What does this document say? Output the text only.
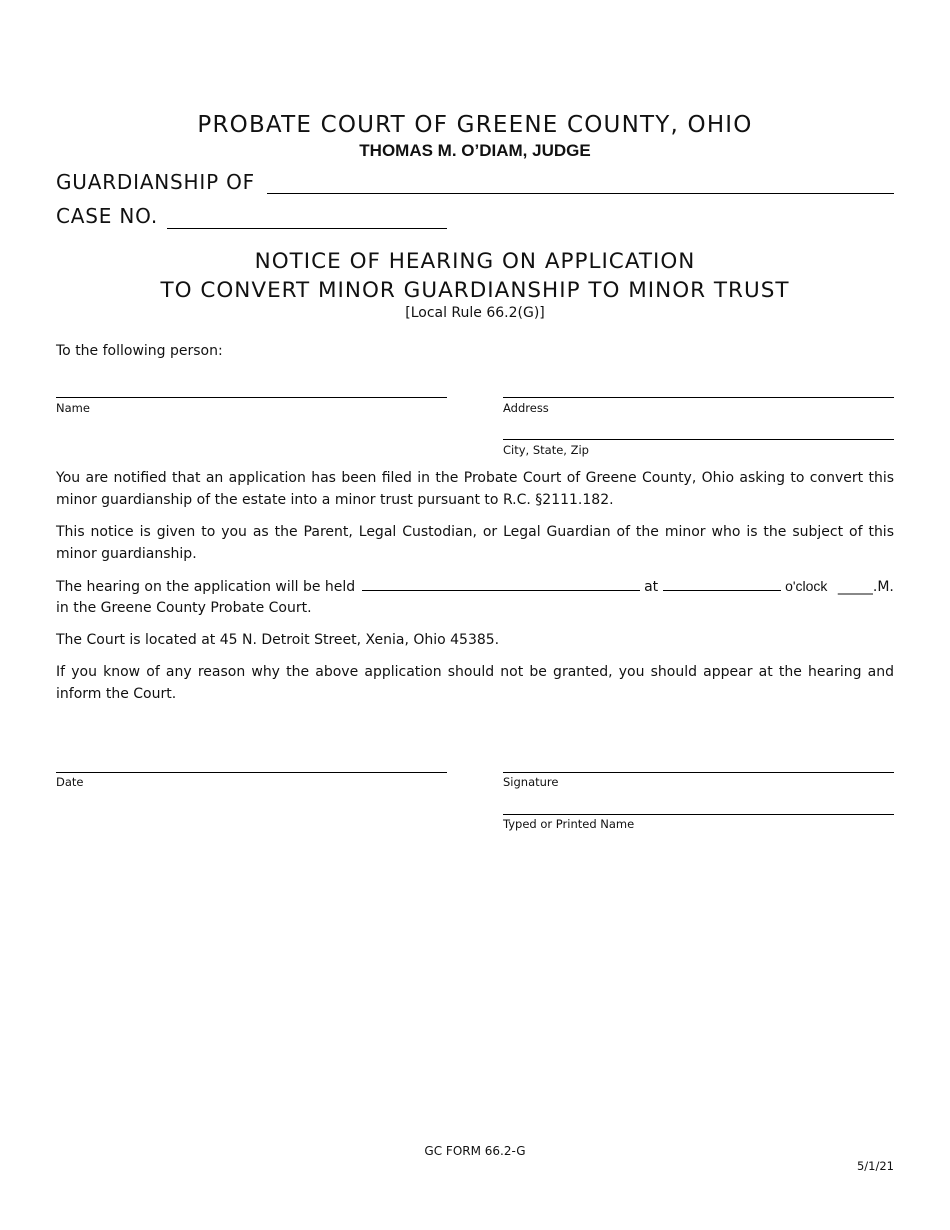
PROBATE COURT OF GREENE COUNTY, OHIO
THOMAS M. O’DIAM, JUDGE
GUARDIANSHIP OF
CASE NO.
NOTICE OF HEARING ON APPLICATION
TO CONVERT MINOR GUARDIANSHIP TO MINOR TRUST
[Local Rule 66.2(G)]
To the following person:
Name	Address
City, State, Zip
You are notified that an application has been filed in the Probate Court of Greene County, Ohio asking to convert this minor guardianship of the estate into a minor trust pursuant to R.C. §2111.182.
This notice is given to you as the Parent, Legal Custodian, or Legal Guardian of the minor who is the subject of this minor guardianship.
The hearing on the application will be held	at	o'clock _____.M.
in the Greene County Probate Court.
The Court is located at 45 N. Detroit Street, Xenia, Ohio 45385.
If you know of any reason why the above application should not be granted, you should appear at the hearing and inform the Court.
Date	Signature
Typed or Printed Name
GC FORM 66.2-G
5/1/21
